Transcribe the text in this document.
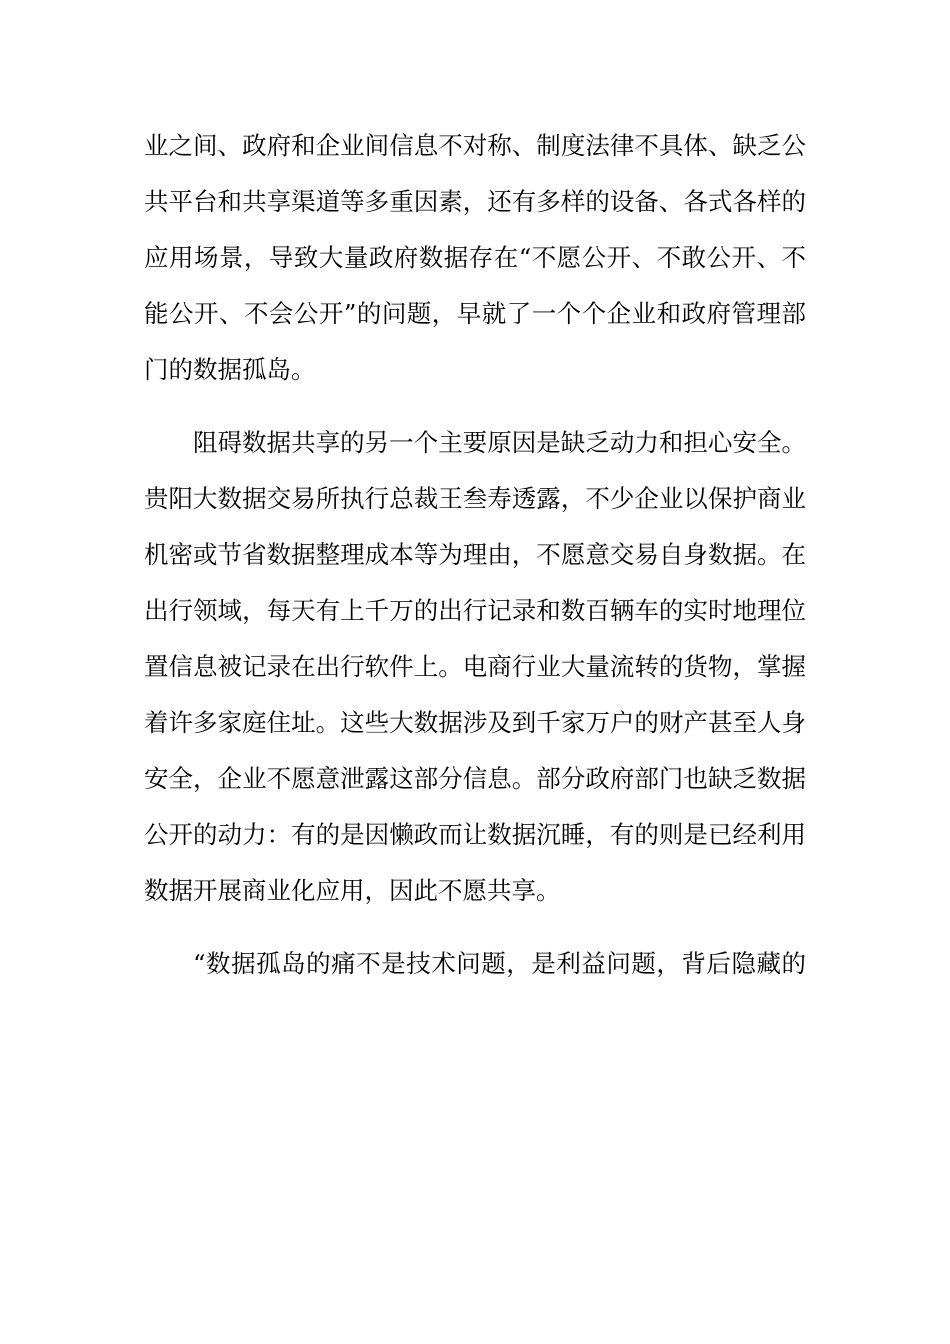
业之间、政府和企业间信息不对称、制度法律不具体、缺乏公

共平台和共享渠道等多重因素，还有多样的设备、各式各样的

应用场景，导致大量政府数据存在“不愿公开、不敢公开、不

能公开、不会公开”的问题，早就了一个个企业和政府管理部

门的数据孤岛。

阻碍数据共享的另一个主要原因是缺乏动力和担心安全。

贵阳大数据交易所执行总裁王叁寿透露，不少企业以保护商业

机密或节省数据整理成本等为理由，不愿意交易自身数据。在

出行领域，每天有上千万的出行记录和数百辆车的实时地理位

置信息被记录在出行软件上。电商行业大量流转的货物，掌握

着许多家庭住址。这些大数据涉及到千家万户的财产甚至人身

安全，企业不愿意泄露这部分信息。部分政府部门也缺乏数据

公开的动力：有的是因懒政而让数据沉睡，有的则是已经利用

数据开展商业化应用，因此不愿共享。

“数据孤岛的痛不是技术问题，是利益问题，背后隐藏的
